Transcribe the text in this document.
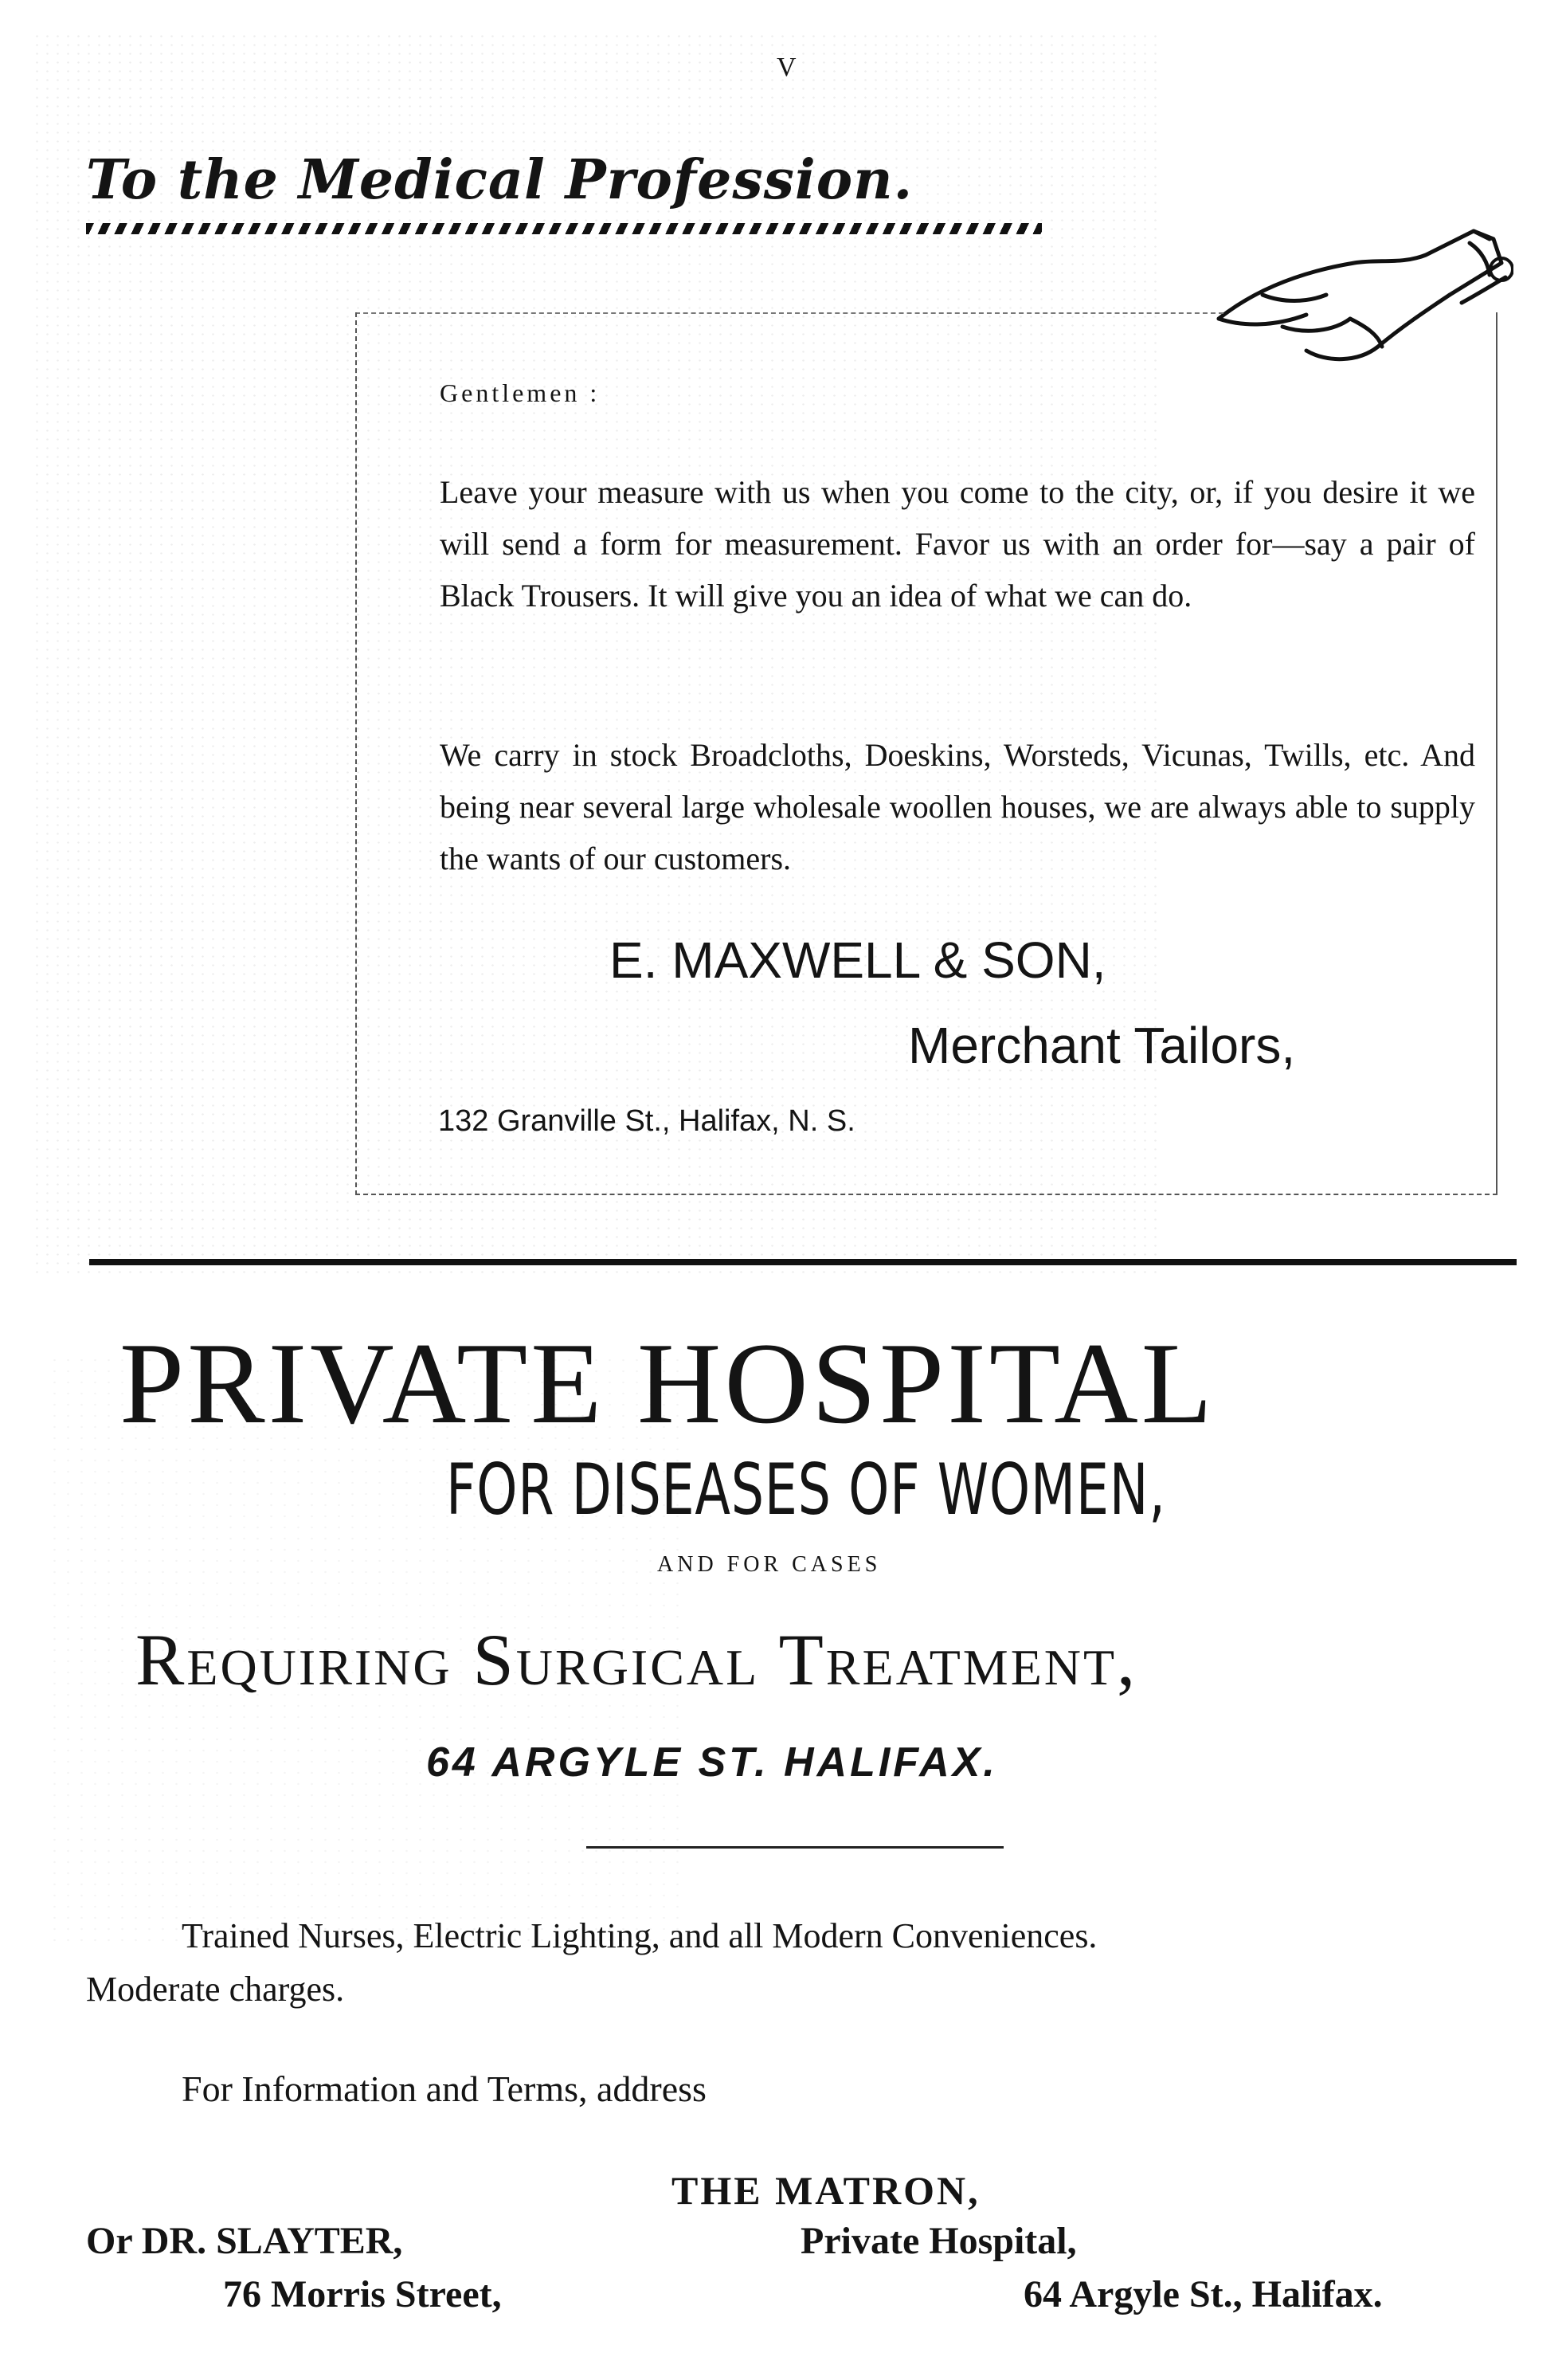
V
To the Medical Profession.
Gentlemen :

Leave your measure with us when you come to the city, or, if you desire it we will send a form for measurement. Favor us with an order for—say a pair of Black Trousers. It will give you an idea of what we can do.

We carry in stock Broadcloths, Doeskins, Worsteds, Vicunas, Twills, etc. And being near several large wholesale woollen houses, we are always able to supply the wants of our customers.

E. MAXWELL & SON,
Merchant Tailors,
132 Granville St., Halifax, N. S.
PRIVATE HOSPITAL
FOR DISEASES OF WOMEN,
AND FOR CASES
Requiring Surgical Treatment,
64 ARGYLE ST. HALIFAX.
Trained Nurses, Electric Lighting, and all Modern Conveniences.
Moderate charges.
For Information and Terms, address
THE MATRON,
Private Hospital,
64 Argyle St., Halifax.
Or DR. SLAYTER,
76 Morris Street,
